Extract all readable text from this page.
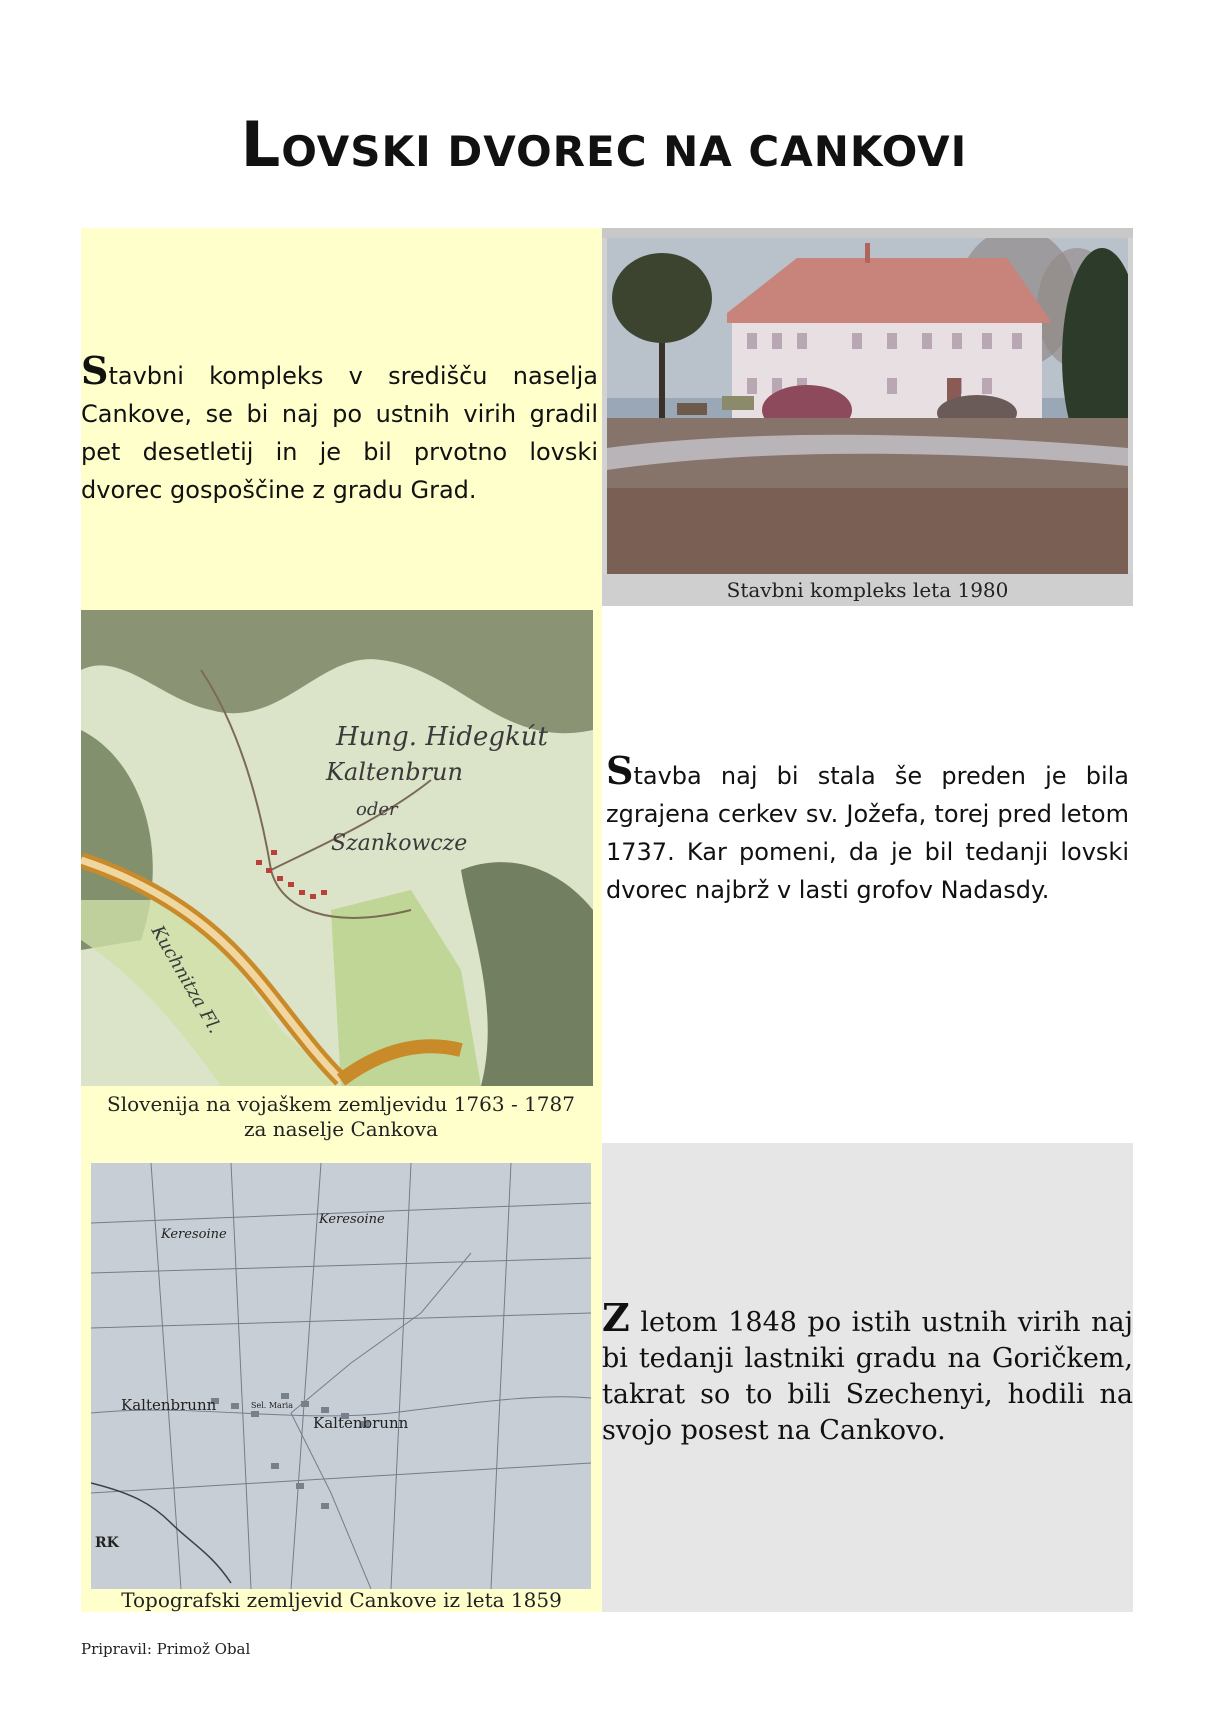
LOVSKI DVOREC NA CANKOVI
Stavbni kompleks v središču naselja Cankove, se bi naj po ustnih virih gradil pet desetletij in je bil prvotno lovski dvorec gospoščine z gradu Grad.
Stavbni kompleks leta 1980
Hung. Hidegkút
Kaltenbrun
oder
Szankowcze
Kuchnitza Fl.
Slovenija na vojaškem zemljevidu 1763 - 1787 za naselje Cankova
Stavba naj bi stala še preden je bila zgrajena cerkev sv. Jožefa, torej pred letom 1737. Kar pomeni, da je bil tedanji lovski dvorec najbrž v lasti grofov Nadasdy.
Kaltenbrunn
Kaltenbrunn
Keresoine
Keresoine
Sel. Maria
RK
Topografski zemljevid Cankove iz leta 1859
Z letom 1848 po istih ustnih virih naj bi tedanji lastniki gradu na Goričkem, takrat so to bili Szechenyi, hodili na svojo posest na Cankovo.
Pripravil: Primož Obal
